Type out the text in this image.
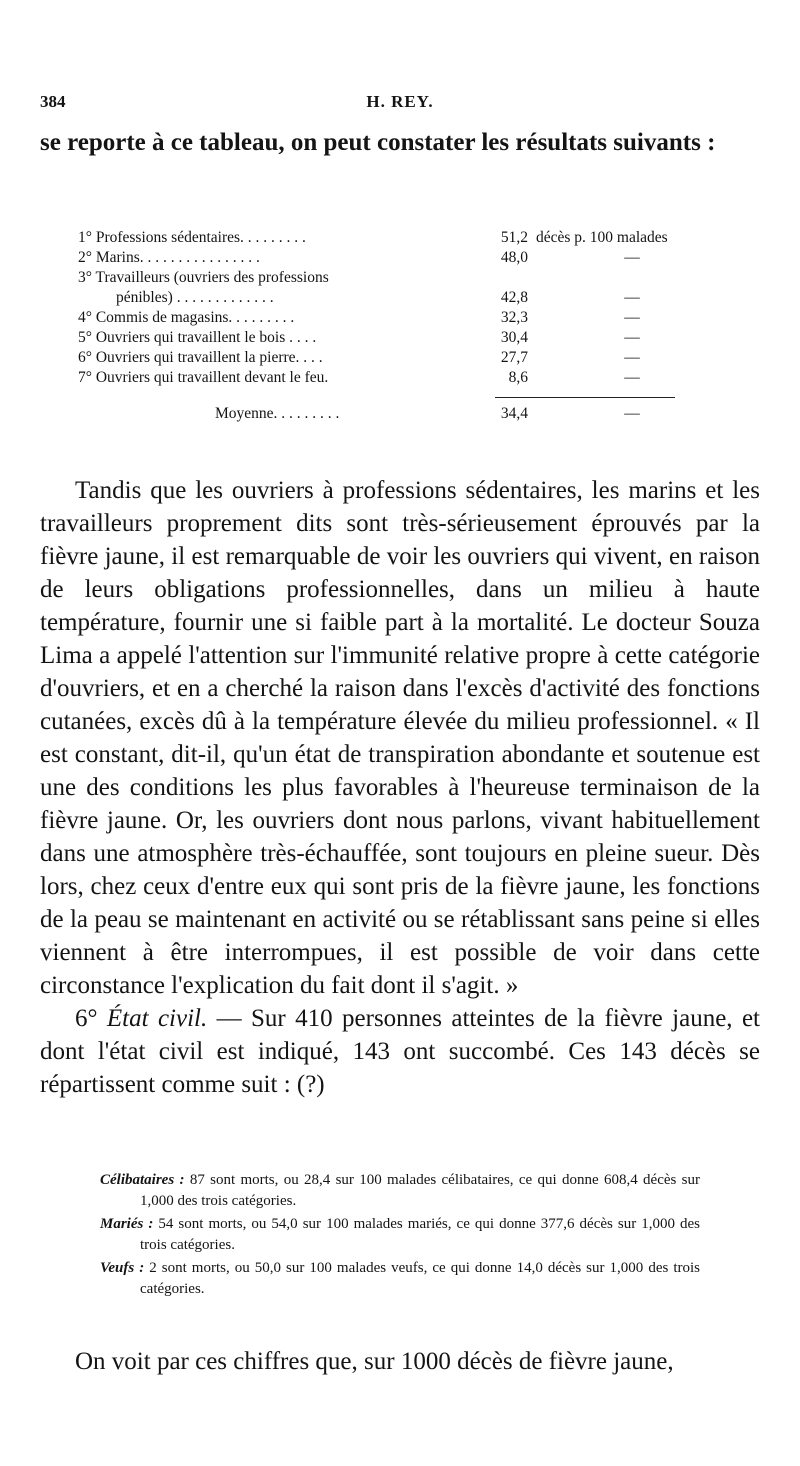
384	H. REY.
se reporte à ce tableau, on peut constater les résultats suivants :
1° Professions sédentaires. . . . . . . . .	51,2 décès p. 100 malades
2° Marins. . . . . . . . . . . . . . . .	48,0	—
3° Travailleurs (ouvriers des professions
pénibles) . . . . . . . . . . . . .	42,8	—
4° Commis de magasins. . . . . . . . .	32,3	—
5° Ouvriers qui travaillent le bois . . . .	30,4	—
6° Ouvriers qui travaillent la pierre. . . .	27,7	—
7° Ouvriers qui travaillent devant le feu.	8,6	—
Moyenne. . . . . . . . .	34,4	—

Tandis que les ouvriers à professions sédentaires, les marins et les travailleurs proprement dits sont très-sérieusement éprouvés par la fièvre jaune, il est remarquable de voir les ouvriers qui vivent, en raison de leurs obligations professionnelles, dans un milieu à haute température, fournir une si faible part à la mortalité. Le docteur Souza Lima a appelé l'attention sur l'immunité relative propre à cette catégorie d'ouvriers, et en a cherché la raison dans l'excès d'activité des fonctions cutanées, excès dû à la température élevée du milieu professionnel. « Il est constant, dit-il, qu'un état de transpiration abondante et soutenue est une des conditions les plus favorables à l'heureuse terminaison de la fièvre jaune. Or, les ouvriers dont nous parlons, vivant habituellement dans une atmosphère très-échauffée, sont toujours en pleine sueur. Dès lors, chez ceux d'entre eux qui sont pris de la fièvre jaune, les fonctions de la peau se maintenant en activité ou se rétablissant sans peine si elles viennent à être interrompues, il est possible de voir dans cette circonstance l'explication du fait dont il s'agit. »

6° État civil. — Sur 410 personnes atteintes de la fièvre jaune, et dont l'état civil est indiqué, 143 ont succombé. Ces 143 décès se répartissent comme suit : (?)

Célibataires : 87 sont morts, ou 28,4 sur 100 malades célibataires, ce qui donne 608,4 décès sur 1,000 des trois catégories.

Mariés : 54 sont morts, ou 54,0 sur 100 malades mariés, ce qui donne 377,6 décès sur 1,000 des trois catégories.

Veufs : 2 sont morts, ou 50,0 sur 100 malades veufs, ce qui donne 14,0 décès sur 1,000 des trois catégories.

On voit par ces chiffres que, sur 1000 décès de fièvre jaune,
